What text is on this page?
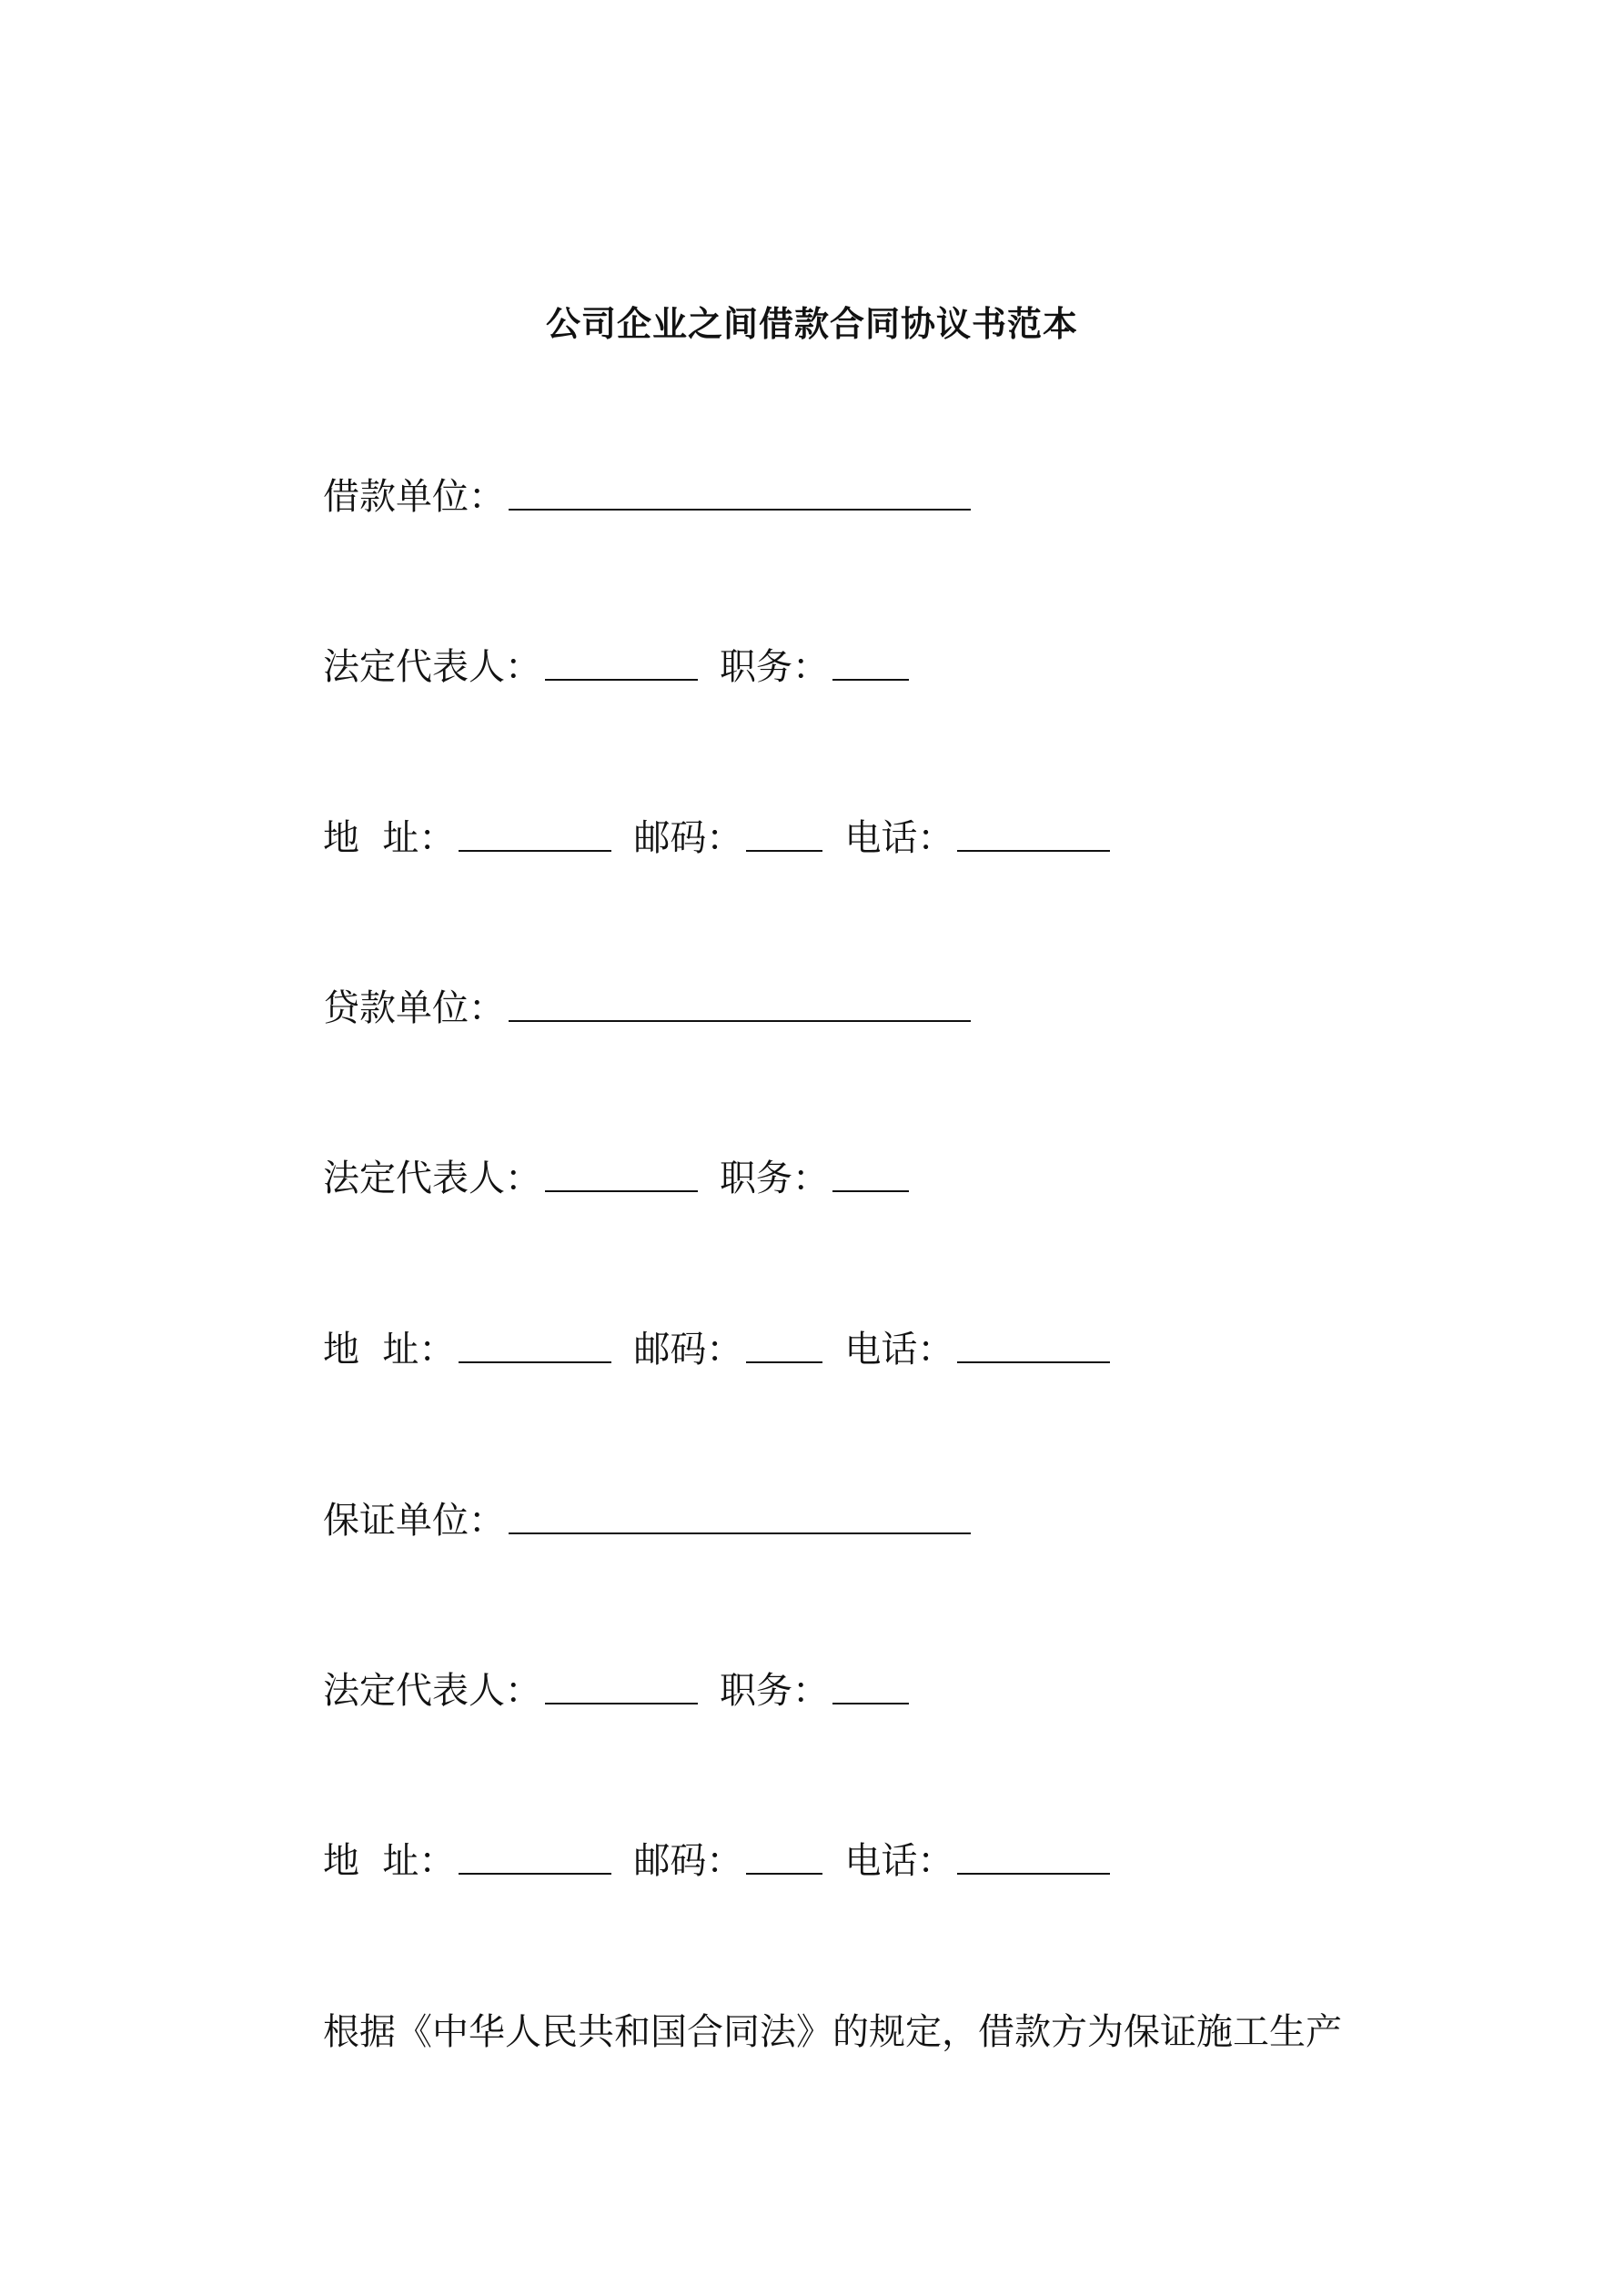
公司企业之间借款合同协议书范本
借款单位：
法定代表人：	职务：
地  址：	邮码：	电话：
贷款单位：
法定代表人：	职务：
地  址：	邮码：	电话：
保证单位：
法定代表人：	职务：
地  址：	邮码：	电话：
根据《中华人民共和国合同法》的规定，借款方为保证施工生产
